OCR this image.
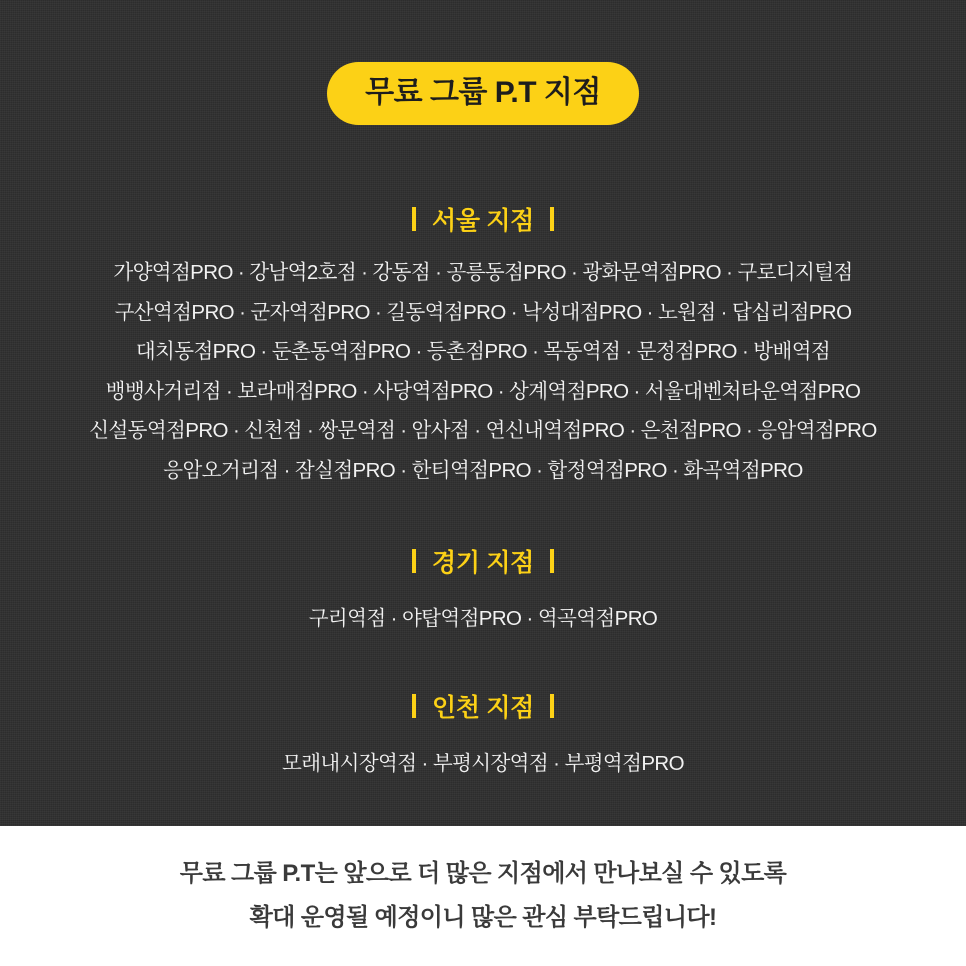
무료 그룹 P.T 지점
서울 지점

가양역점PRO · 강남역2호점 · 강동점 · 공릉동점PRO · 광화문역점PRO · 구로디지털점

구산역점PRO · 군자역점PRO · 길동역점PRO · 낙성대점PRO · 노원점 · 답십리점PRO

대치동점PRO · 둔촌동역점PRO · 등촌점PRO · 목동역점 · 문정점PRO · 방배역점

뱅뱅사거리점 · 보라매점PRO · 사당역점PRO · 상계역점PRO · 서울대벤처타운역점PRO

신설동역점PRO · 신천점 · 쌍문역점 · 암사점 · 연신내역점PRO · 은천점PRO · 응암역점PRO

응암오거리점 · 잠실점PRO · 한티역점PRO · 합정역점PRO · 화곡역점PRO

경기 지점

구리역점 · 야탑역점PRO · 역곡역점PRO

인천 지점

모래내시장역점 · 부평시장역점 · 부평역점PRO

무료 그룹 P.T는 앞으로 더 많은 지점에서 만나보실 수 있도록

확대 운영될 예정이니 많은 관심 부탁드립니다!
